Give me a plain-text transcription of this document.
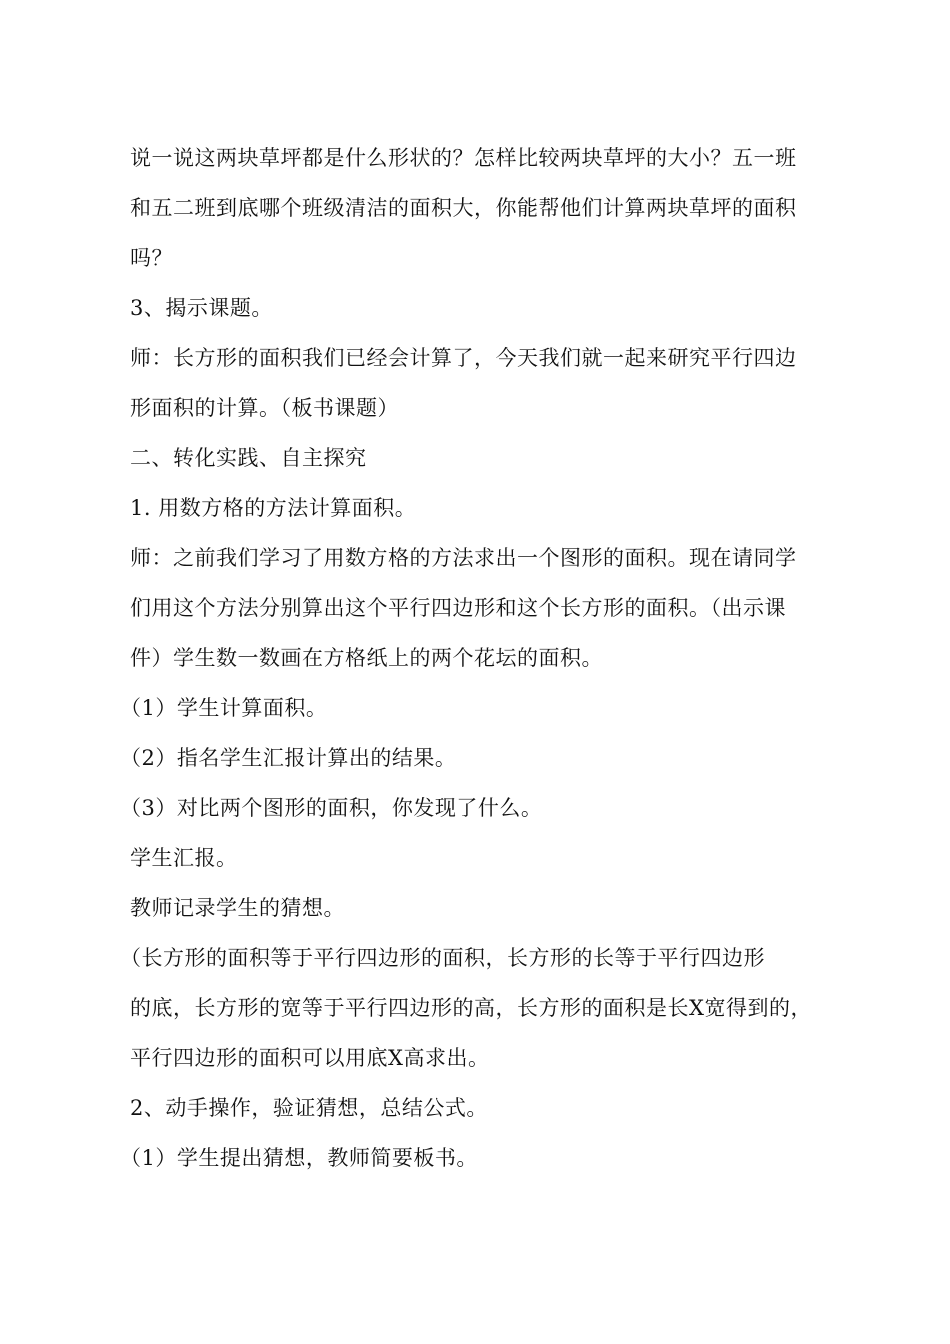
说一说这两块草坪都是什么形状的？怎样比较两块草坪的大小？五一班
和五二班到底哪个班级清洁的面积大，你能帮他们计算两块草坪的面积
吗？
3、揭示课题。
师：长方形的面积我们已经会计算了，今天我们就一起来研究平行四边
形面积的计算。（板书课题）
二、转化实践、自主探究
1. 用数方格的方法计算面积。
师：之前我们学习了用数方格的方法求出一个图形的面积。现在请同学
们用这个方法分别算出这个平行四边形和这个长方形的面积。（出示课
件）学生数一数画在方格纸上的两个花坛的面积。
（1）学生计算面积。
（2）指名学生汇报计算出的结果。
（3）对比两个图形的面积，你发现了什么。
学生汇报。
教师记录学生的猜想。
（长方形的面积等于平行四边形的面积，长方形的长等于平行四边形
的底，长方形的宽等于平行四边形的高，长方形的面积是长X宽得到的，
平行四边形的面积可以用底X高求出。
2、动手操作，验证猜想，总结公式。
（1）学生提出猜想，教师简要板书。
